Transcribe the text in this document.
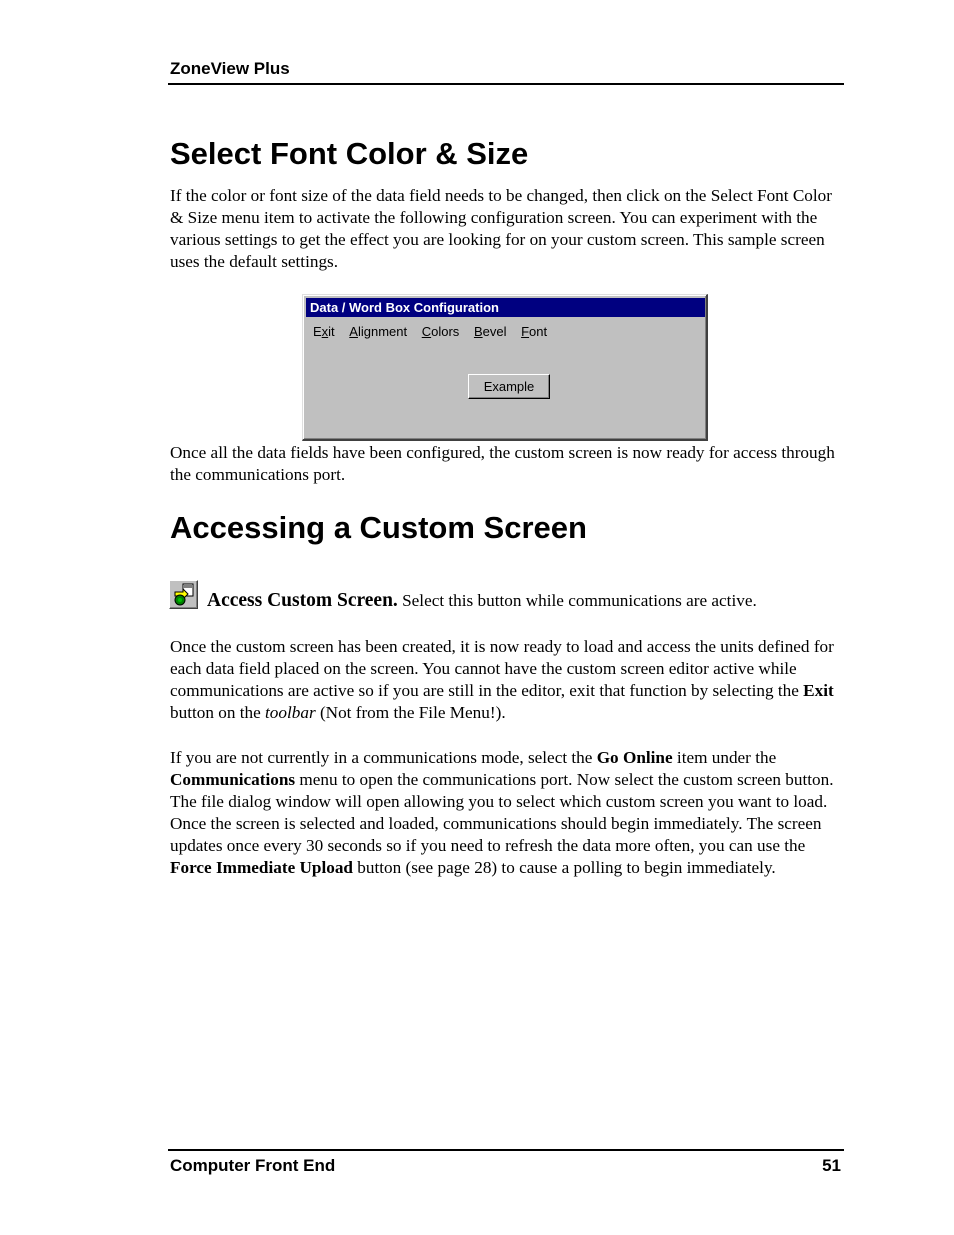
ZoneView Plus
Select Font Color & Size

If the color or font size of the data field needs to be changed, then click on the Select Font Color & Size menu item to activate the following configuration screen. You can experiment with the various settings to get the effect you are looking for on your custom screen. This sample screen uses the default settings.

Data / Word Box Configuration
Exit Alignment Colors Bevel Font
Example

Once all the data fields have been configured, the custom screen is now ready for access through the communications port.

Accessing a Custom Screen
Access Custom Screen. Select this button while communications are active.

Once the custom screen has been created, it is now ready to load and access the units defined for each data field placed on the screen. You cannot have the custom screen editor active while communications are active so if you are still in the editor, exit that function by selecting the Exit button on the toolbar (Not from the File Menu!).

If you are not currently in a communications mode, select the Go Online item under the Communications menu to open the communications port. Now select the custom screen button. The file dialog window will open allowing you to select which custom screen you want to load. Once the screen is selected and loaded, communications should begin immediately. The screen updates once every 30 seconds so if you need to refresh the data more often, you can use the Force Immediate Upload button (see page 28) to cause a polling to begin immediately.

Computer Front End	51
